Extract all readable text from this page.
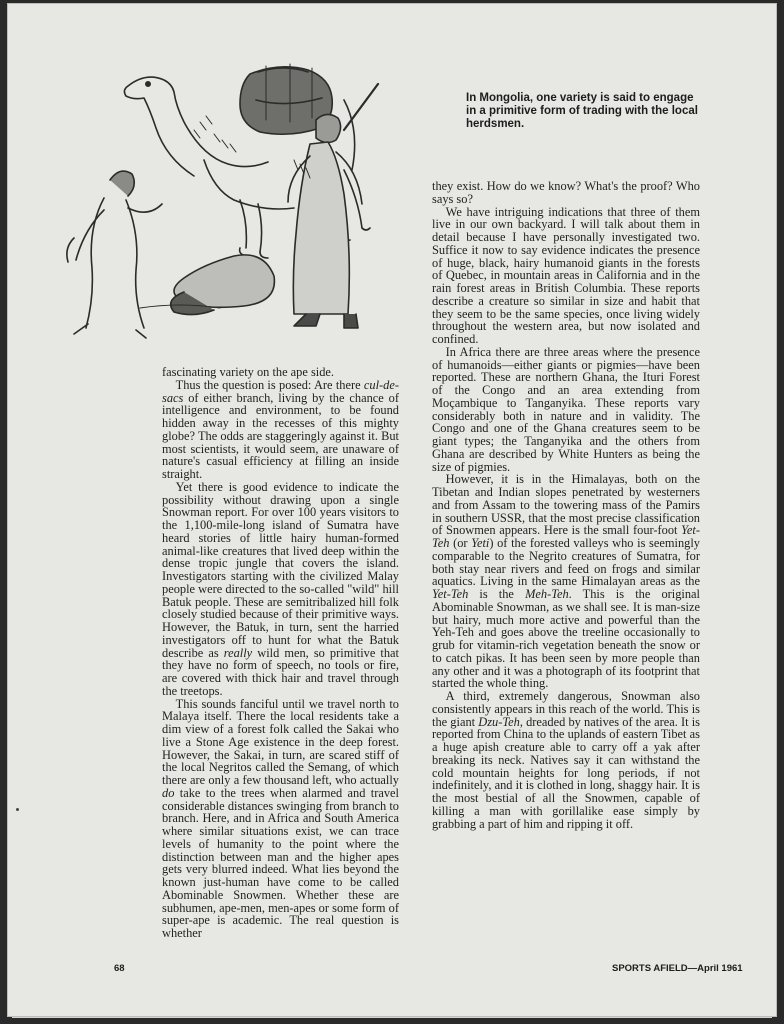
In Mongolia, one variety is said to engage in a primitive form of trading with the local herdsmen.

fascinating variety on the ape side.

Thus the question is posed: Are there cul-de-sacs of either branch, living by the chance of intelligence and environment, to be found hidden away in the recesses of this mighty globe? The odds are staggeringly against it. But most scientists, it would seem, are unaware of nature's casual efficiency at filling an inside straight.

Yet there is good evidence to indicate the possibility without drawing upon a single Snowman report. For over 100 years visitors to the 1,100-mile-long island of Sumatra have heard stories of little hairy human-formed animal-like creatures that lived deep within the dense tropic jungle that covers the island. Investigators starting with the civilized Malay people were directed to the so-called "wild" hill Batuk people. These are semitribalized hill folk closely studied because of their primitive ways. However, the Batuk, in turn, sent the harried investigators off to hunt for what the Batuk describe as really wild men, so primitive that they have no form of speech, no tools or fire, are covered with thick hair and travel through the treetops.

This sounds fanciful until we travel north to Malaya itself. There the local residents take a dim view of a forest folk called the Sakai who live a Stone Age existence in the deep forest. However, the Sakai, in turn, are scared stiff of the local Negritos called the Semang, of which there are only a few thousand left, who actually do take to the trees when alarmed and travel considerable distances swinging from branch to branch. Here, and in Africa and South America where similar situations exist, we can trace levels of humanity to the point where the distinction between man and the higher apes gets very blurred indeed. What lies beyond the known just-human have come to be called Abominable Snowmen. Whether these are subhumen, ape-men, men-apes or some form of super-ape is academic. The real question is whether

they exist. How do we know? What's the proof? Who says so?

We have intriguing indications that three of them live in our own backyard. I will talk about them in detail because I have personally investigated two. Suffice it now to say evidence indicates the presence of huge, black, hairy humanoid giants in the forests of Quebec, in mountain areas in California and in the rain forest areas in British Columbia. These reports describe a creature so similar in size and habit that they seem to be the same species, once living widely throughout the western area, but now isolated and confined.

In Africa there are three areas where the presence of humanoids—either giants or pigmies—have been reported. These are northern Ghana, the Ituri Forest of the Congo and an area extending from Moçambique to Tanganyika. These reports vary considerably both in nature and in validity. The Congo and one of the Ghana creatures seem to be giant types; the Tanganyika and the others from Ghana are described by White Hunters as being the size of pigmies.

However, it is in the Himalayas, both on the Tibetan and Indian slopes penetrated by westerners and from Assam to the towering mass of the Pamirs in southern USSR, that the most precise classification of Snowmen appears. Here is the small four-foot Yet-Teh (or Yeti) of the forested valleys who is seemingly comparable to the Negrito creatures of Sumatra, for both stay near rivers and feed on frogs and similar aquatics. Living in the same Himalayan areas as the Yet-Teh is the Meh-Teh. This is the original Abominable Snowman, as we shall see. It is man-size but hairy, much more active and powerful than the Yeh-Teh and goes above the treeline occasionally to grub for vitamin-rich vegetation beneath the snow or to catch pikas. It has been seen by more people than any other and it was a photograph of its footprint that started the whole thing.

A third, extremely dangerous, Snowman also consistently appears in this reach of the world. This is the giant Dzu-Teh, dreaded by natives of the area. It is reported from China to the uplands of eastern Tibet as a huge apish creature able to carry off a yak after breaking its neck. Natives say it can withstand the cold mountain heights for long periods, if not indefinitely, and it is clothed in long, shaggy hair. It is the most bestial of all the Snowmen, capable of killing a man with gorillalike ease simply by grabbing a part of him and ripping it off.

68	SPORTS AFIELD—April 1961
